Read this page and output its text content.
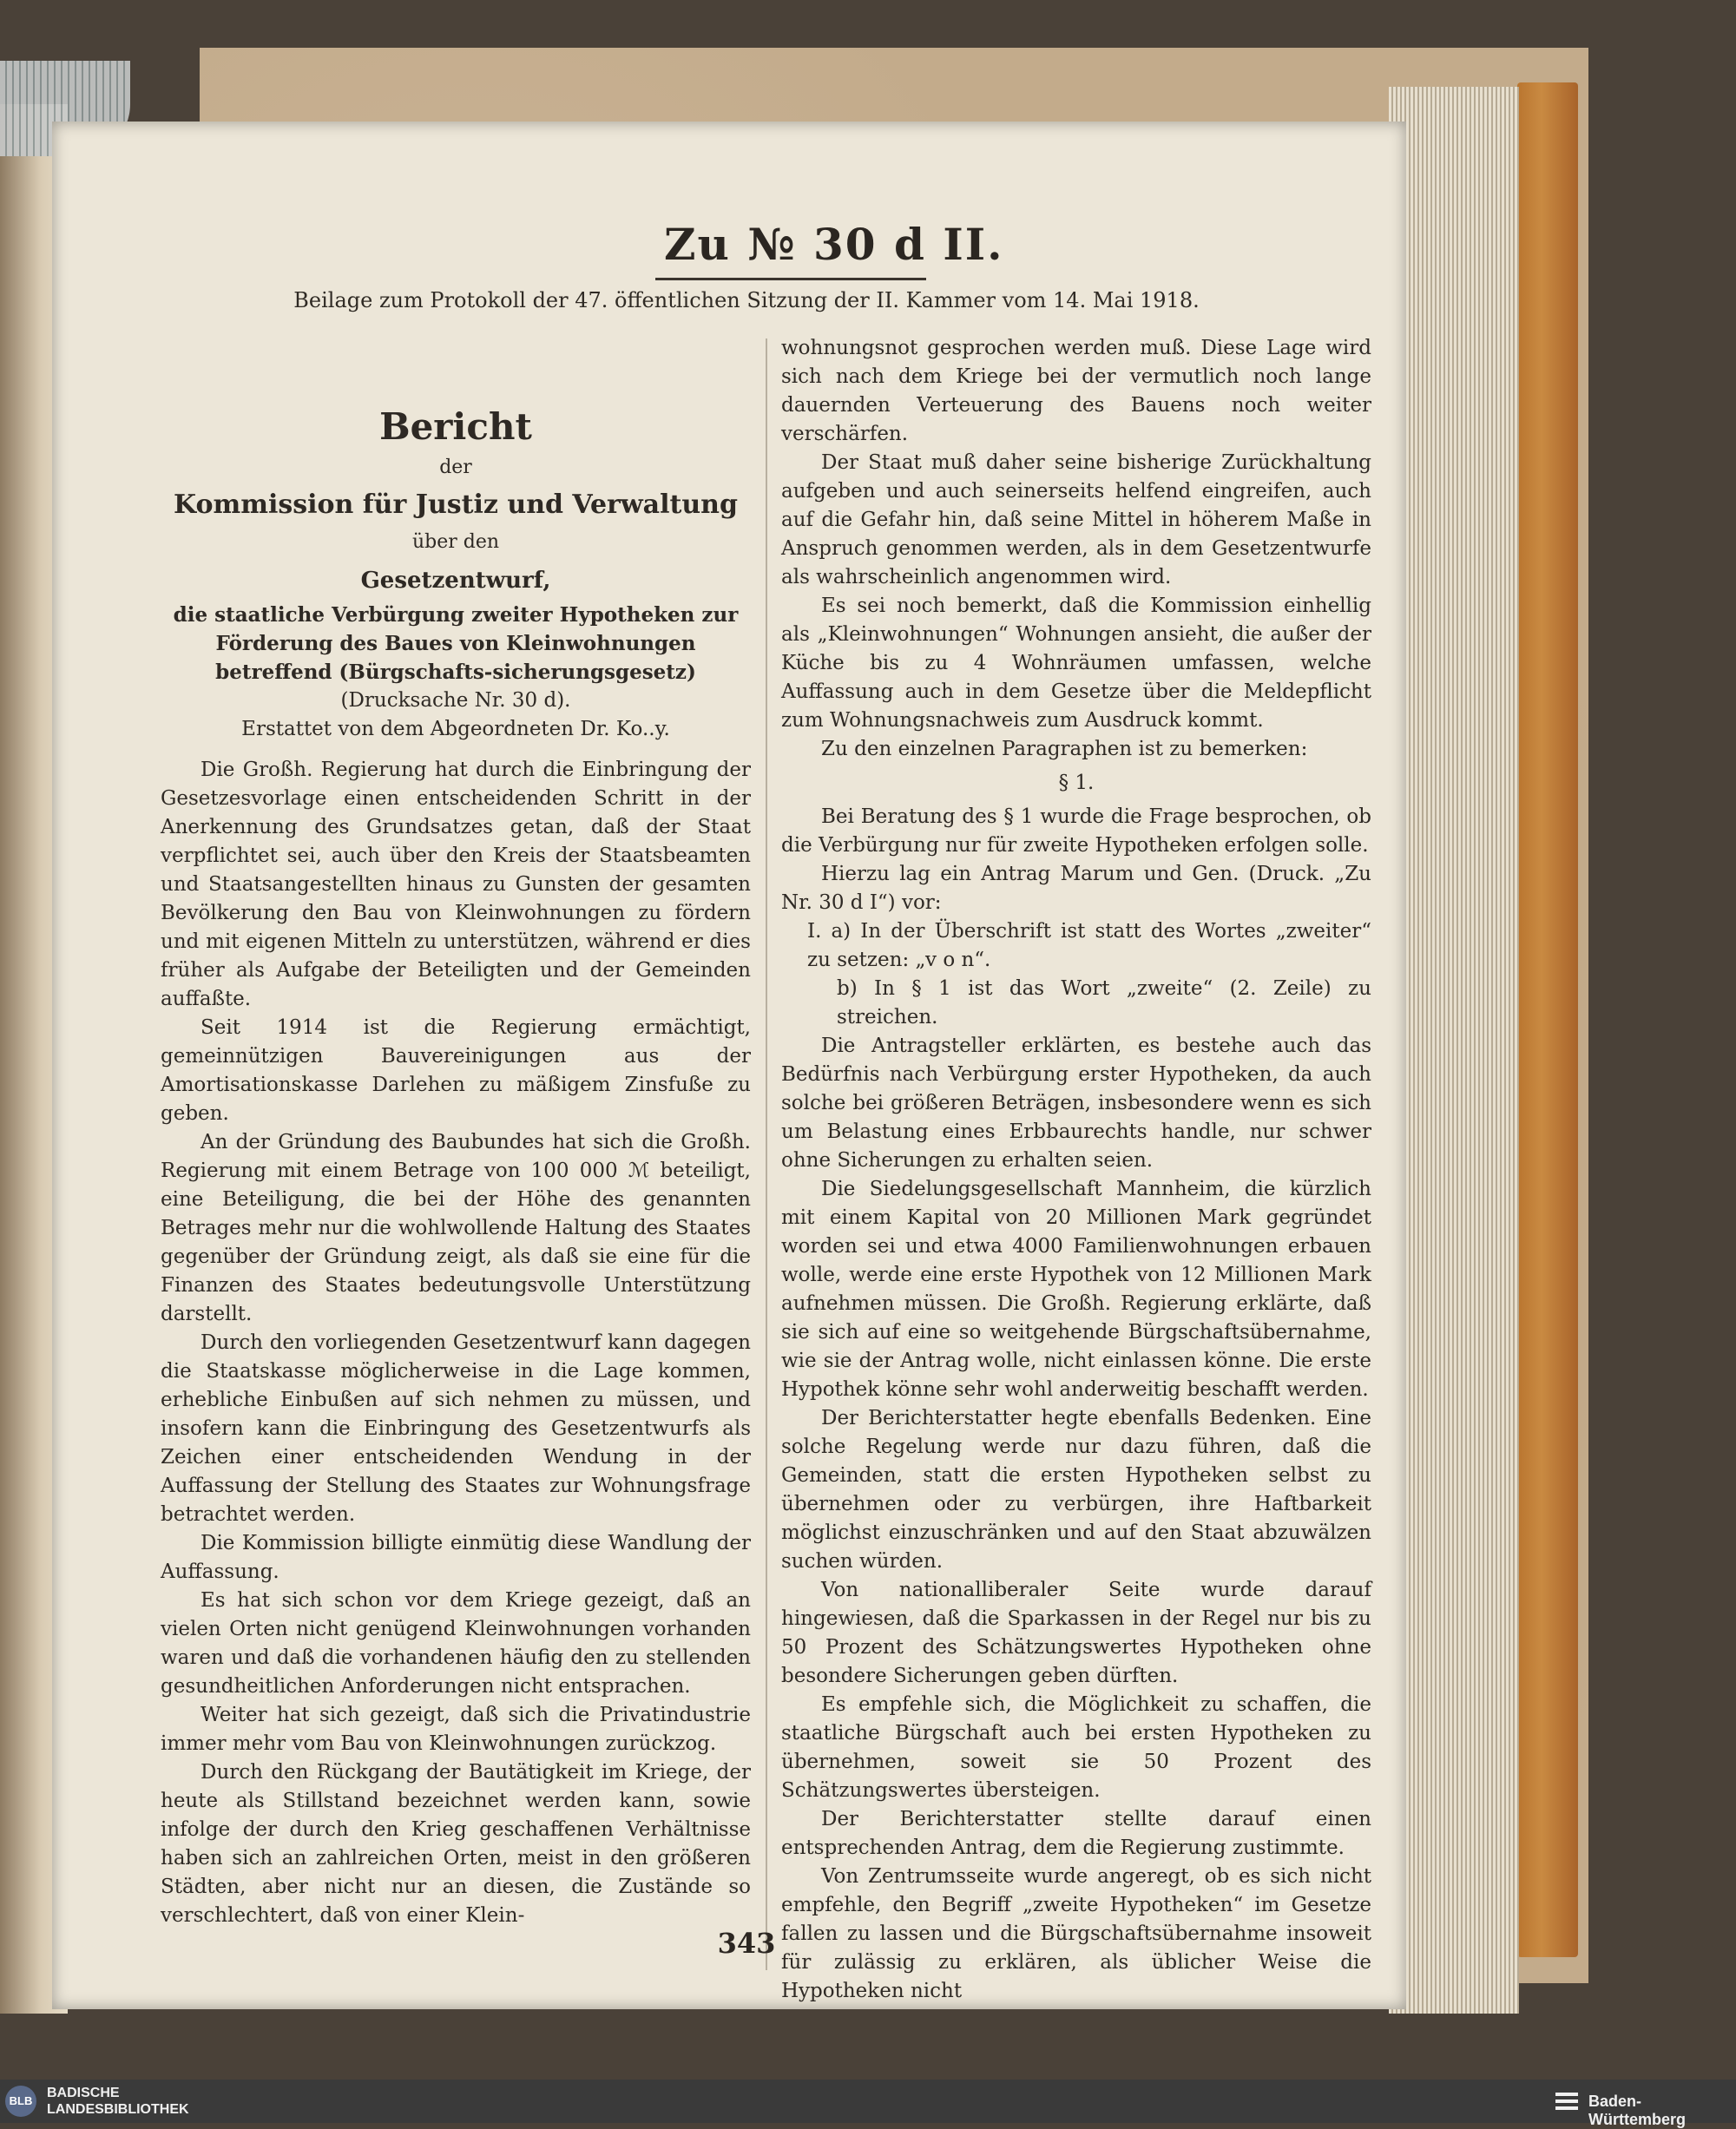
Zu № 30 d II.
Beilage zum Protokoll der 47. öffentlichen Sitzung der II. Kammer vom 14. Mai 1918.

Bericht

der

Kommission für Justiz und Verwaltung

über den

Gesetzentwurf,

die staatliche Verbürgung zweiter Hypotheken zur Förderung des Baues von Kleinwohnungen betreffend (Bürgschafts-sicherungsgesetz)

(Drucksache Nr. 30 d).

Erstattet von dem Abgeordneten Dr. Ko..y.

Die Großh. Regierung hat durch die Einbringung der Gesetzesvorlage einen entscheidenden Schritt in der Anerkennung des Grundsatzes getan, daß der Staat verpflichtet sei, auch über den Kreis der Staatsbeamten und Staatsangestellten hinaus zu Gunsten der gesamten Bevölkerung den Bau von Kleinwohnungen zu fördern und mit eigenen Mitteln zu unterstützen, während er dies früher als Aufgabe der Beteiligten und der Gemeinden auffaßte.

Seit 1914 ist die Regierung ermächtigt, gemeinnützigen Bauvereinigungen aus der Amortisationskasse Darlehen zu mäßigem Zinsfuße zu geben.

An der Gründung des Baubundes hat sich die Großh. Regierung mit einem Betrage von 100 000 ℳ beteiligt, eine Beteiligung, die bei der Höhe des genannten Betrages mehr nur die wohlwollende Haltung des Staates gegenüber der Gründung zeigt, als daß sie eine für die Finanzen des Staates bedeutungsvolle Unterstützung darstellt.

Durch den vorliegenden Gesetzentwurf kann dagegen die Staatskasse möglicherweise in die Lage kommen, erhebliche Einbußen auf sich nehmen zu müssen, und insofern kann die Einbringung des Gesetzentwurfs als Zeichen einer entscheidenden Wendung in der Auffassung der Stellung des Staates zur Wohnungsfrage betrachtet werden.

Die Kommission billigte einmütig diese Wandlung der Auffassung.

Es hat sich schon vor dem Kriege gezeigt, daß an vielen Orten nicht genügend Kleinwohnungen vorhanden waren und daß die vorhandenen häufig den zu stellenden gesundheitlichen Anforderungen nicht entsprachen.

Weiter hat sich gezeigt, daß sich die Privatindustrie immer mehr vom Bau von Kleinwohnungen zurückzog.

Durch den Rückgang der Bautätigkeit im Kriege, der heute als Stillstand bezeichnet werden kann, sowie infolge der durch den Krieg geschaffenen Verhältnisse haben sich an zahlreichen Orten, meist in den größeren Städten, aber nicht nur an diesen, die Zustände so verschlechtert, daß von einer Klein-

wohnungsnot gesprochen werden muß. Diese Lage wird sich nach dem Kriege bei der vermutlich noch lange dauernden Verteuerung des Bauens noch weiter verschärfen.

Der Staat muß daher seine bisherige Zurückhaltung aufgeben und auch seinerseits helfend eingreifen, auch auf die Gefahr hin, daß seine Mittel in höherem Maße in Anspruch genommen werden, als in dem Gesetzentwurfe als wahrscheinlich angenommen wird.

Es sei noch bemerkt, daß die Kommission einhellig als „Kleinwohnungen“ Wohnungen ansieht, die außer der Küche bis zu 4 Wohnräumen umfassen, welche Auffassung auch in dem Gesetze über die Meldepflicht zum Wohnungsnachweis zum Ausdruck kommt.

Zu den einzelnen Paragraphen ist zu bemerken:

§ 1.

Bei Beratung des § 1 wurde die Frage besprochen, ob die Verbürgung nur für zweite Hypotheken erfolgen solle.

Hierzu lag ein Antrag Marum und Gen. (Druck. „Zu Nr. 30 d I“) vor:

I. a) In der Überschrift ist statt des Wortes „zweiter“ zu setzen: „v o n“.

b) In § 1 ist das Wort „zweite“ (2. Zeile) zu streichen.

Die Antragsteller erklärten, es bestehe auch das Bedürfnis nach Verbürgung erster Hypotheken, da auch solche bei größeren Beträgen, insbesondere wenn es sich um Belastung eines Erbbaurechts handle, nur schwer ohne Sicherungen zu erhalten seien.

Die Siedelungsgesellschaft Mannheim, die kürzlich mit einem Kapital von 20 Millionen Mark gegründet worden sei und etwa 4000 Familienwohnungen erbauen wolle, werde eine erste Hypothek von 12 Millionen Mark aufnehmen müssen. Die Großh. Regierung erklärte, daß sie sich auf eine so weitgehende Bürgschaftsübernahme, wie sie der Antrag wolle, nicht einlassen könne. Die erste Hypothek könne sehr wohl anderweitig beschafft werden.

Der Berichterstatter hegte ebenfalls Bedenken. Eine solche Regelung werde nur dazu führen, daß die Gemeinden, statt die ersten Hypotheken selbst zu übernehmen oder zu verbürgen, ihre Haftbarkeit möglichst einzuschränken und auf den Staat abzuwälzen suchen würden.

Von nationalliberaler Seite wurde darauf hingewiesen, daß die Sparkassen in der Regel nur bis zu 50 Prozent des Schätzungswertes Hypotheken ohne besondere Sicherungen geben dürften.

Es empfehle sich, die Möglichkeit zu schaffen, die staatliche Bürgschaft auch bei ersten Hypotheken zu übernehmen, soweit sie 50 Prozent des Schätzungswertes übersteigen.

Der Berichterstatter stellte darauf einen entsprechenden Antrag, dem die Regierung zustimmte.

Von Zentrumsseite wurde angeregt, ob es sich nicht empfehle, den Begriff „zweite Hypotheken“ im Gesetze fallen zu lassen und die Bürgschaftsübernahme insoweit für zulässig zu erklären, als üblicher Weise die Hypotheken nicht

343
BLB
BADISCHE
LANDESBIBLIOTHEK	Baden-Württemberg
